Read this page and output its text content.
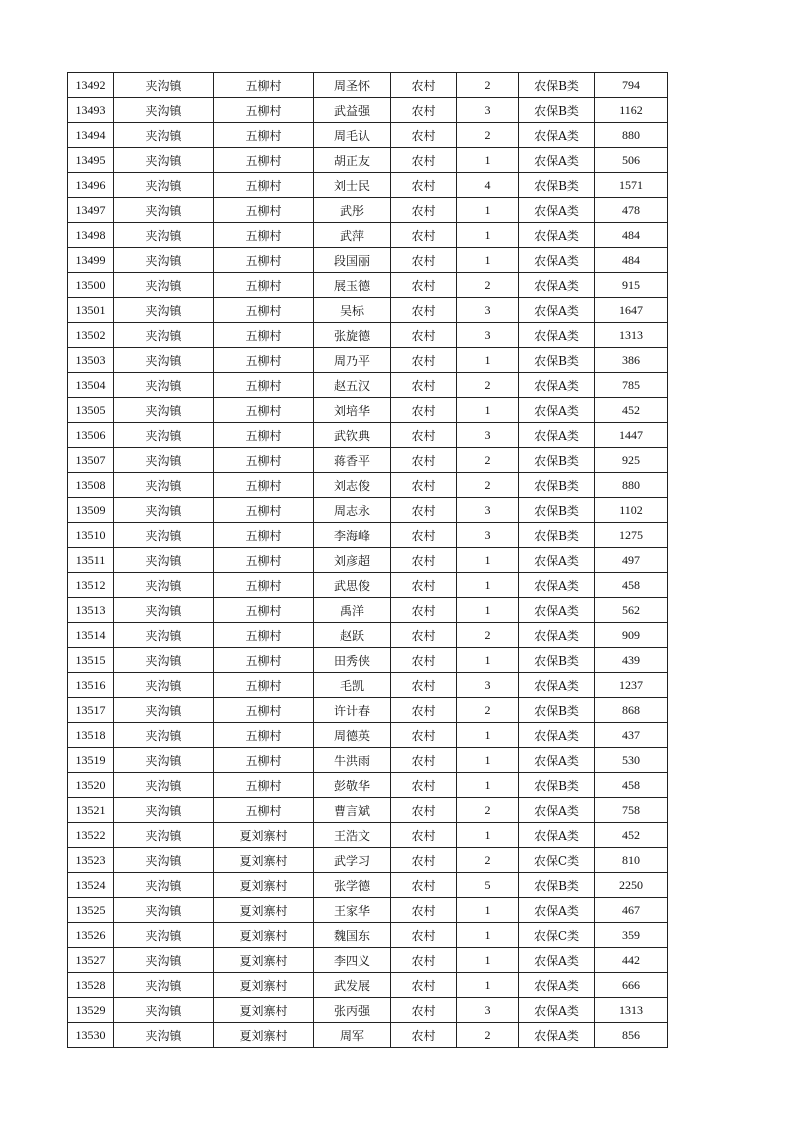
13492	夹沟镇	五柳村	周圣怀	农村	2	农保B类	794
13493	夹沟镇	五柳村	武益强	农村	3	农保B类	1162
13494	夹沟镇	五柳村	周毛认	农村	2	农保A类	880
13495	夹沟镇	五柳村	胡正友	农村	1	农保A类	506
13496	夹沟镇	五柳村	刘士民	农村	4	农保B类	1571
13497	夹沟镇	五柳村	武彤	农村	1	农保A类	478
13498	夹沟镇	五柳村	武萍	农村	1	农保A类	484
13499	夹沟镇	五柳村	段国丽	农村	1	农保A类	484
13500	夹沟镇	五柳村	展玉德	农村	2	农保A类	915
13501	夹沟镇	五柳村	吴标	农村	3	农保A类	1647
13502	夹沟镇	五柳村	张旋德	农村	3	农保A类	1313
13503	夹沟镇	五柳村	周乃平	农村	1	农保B类	386
13504	夹沟镇	五柳村	赵五汉	农村	2	农保A类	785
13505	夹沟镇	五柳村	刘培华	农村	1	农保A类	452
13506	夹沟镇	五柳村	武钦典	农村	3	农保A类	1447
13507	夹沟镇	五柳村	蒋香平	农村	2	农保B类	925
13508	夹沟镇	五柳村	刘志俊	农村	2	农保B类	880
13509	夹沟镇	五柳村	周志永	农村	3	农保B类	1102
13510	夹沟镇	五柳村	李海峰	农村	3	农保B类	1275
13511	夹沟镇	五柳村	刘彦超	农村	1	农保A类	497
13512	夹沟镇	五柳村	武思俊	农村	1	农保A类	458
13513	夹沟镇	五柳村	禹洋	农村	1	农保A类	562
13514	夹沟镇	五柳村	赵跃	农村	2	农保A类	909
13515	夹沟镇	五柳村	田秀侠	农村	1	农保B类	439
13516	夹沟镇	五柳村	毛凯	农村	3	农保A类	1237
13517	夹沟镇	五柳村	许计春	农村	2	农保B类	868
13518	夹沟镇	五柳村	周德英	农村	1	农保A类	437
13519	夹沟镇	五柳村	牛洪雨	农村	1	农保A类	530
13520	夹沟镇	五柳村	彭敬华	农村	1	农保B类	458
13521	夹沟镇	五柳村	曹言斌	农村	2	农保A类	758
13522	夹沟镇	夏刘寨村	王浩文	农村	1	农保A类	452
13523	夹沟镇	夏刘寨村	武学习	农村	2	农保C类	810
13524	夹沟镇	夏刘寨村	张学德	农村	5	农保B类	2250
13525	夹沟镇	夏刘寨村	王家华	农村	1	农保A类	467
13526	夹沟镇	夏刘寨村	魏国东	农村	1	农保C类	359
13527	夹沟镇	夏刘寨村	李四义	农村	1	农保A类	442
13528	夹沟镇	夏刘寨村	武发展	农村	1	农保A类	666
13529	夹沟镇	夏刘寨村	张丙强	农村	3	农保A类	1313
13530	夹沟镇	夏刘寨村	周军	农村	2	农保A类	856
